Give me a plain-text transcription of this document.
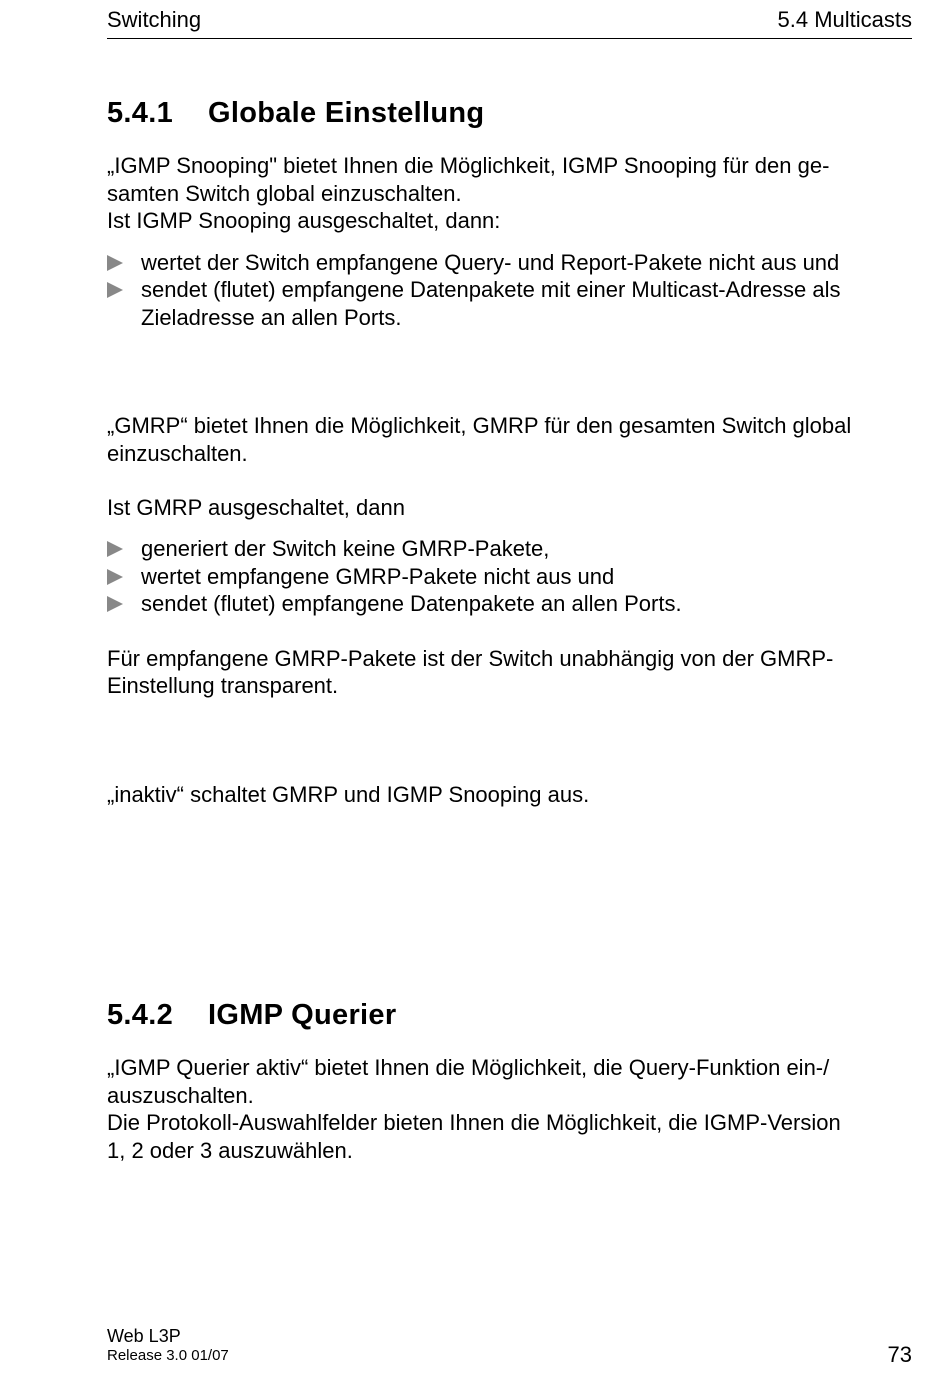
Switching	5.4 Multicasts
5.4.1 Globale Einstellung
„IGMP Snooping" bietet Ihnen die Möglichkeit, IGMP Snooping für den ge-
samten Switch global einzuschalten.
Ist IGMP Snooping ausgeschaltet, dann:
wertet der Switch empfangene Query- und Report-Pakete nicht aus und
sendet (flutet) empfangene Datenpakete mit einer Multicast-Adresse als
Zieladresse an allen Ports.
„GMRP“ bietet Ihnen die Möglichkeit, GMRP für den gesamten Switch global
einzuschalten.
Ist GMRP ausgeschaltet, dann
generiert der Switch keine GMRP-Pakete,
wertet empfangene GMRP-Pakete nicht aus und
sendet (flutet) empfangene Datenpakete an allen Ports.
Für empfangene GMRP-Pakete ist der Switch unabhängig von der GMRP-
Einstellung transparent.
„inaktiv“ schaltet GMRP und IGMP Snooping aus.
5.4.2 IGMP Querier
„IGMP Querier aktiv“ bietet Ihnen die Möglichkeit, die Query-Funktion ein-/
auszuschalten.
Die Protokoll-Auswahlfelder bieten Ihnen die Möglichkeit, die IGMP-Version
1, 2 oder 3 auszuwählen.
Web L3P
Release 3.0 01/07	73
